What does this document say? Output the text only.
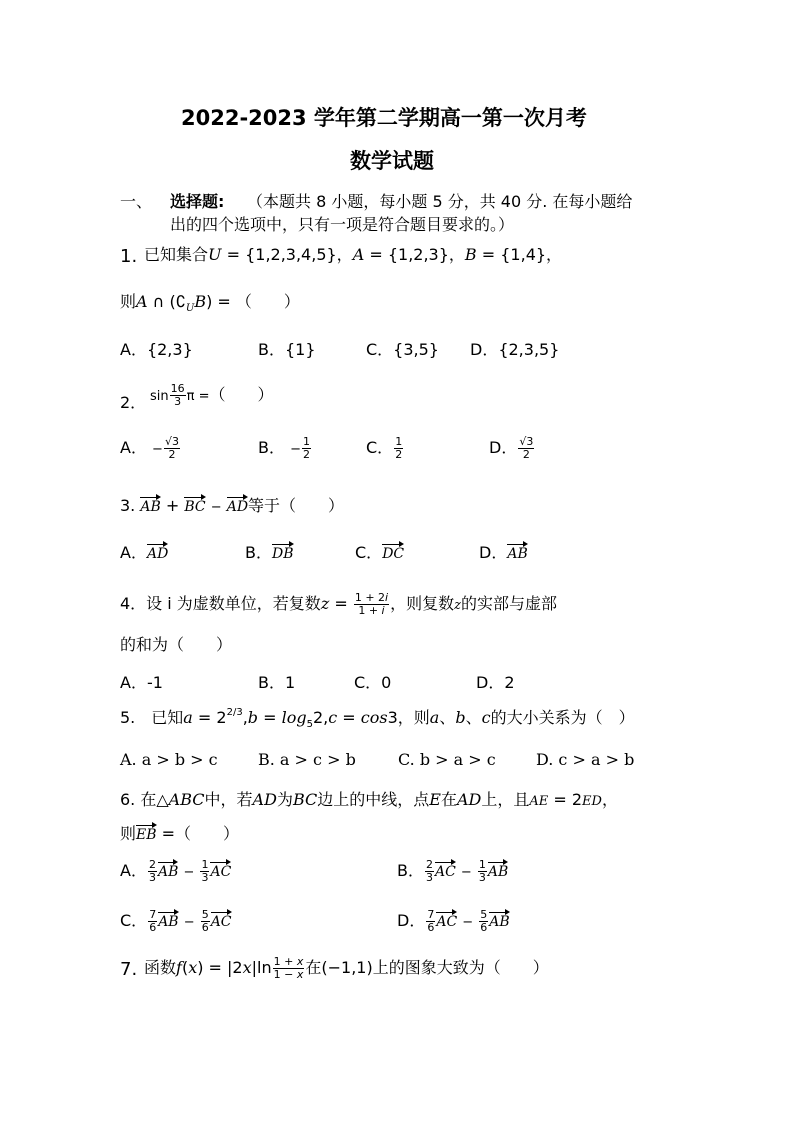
2022-2023 学年第二学期高一第一次月考
数学试题
一、 选择题: （本题共 8 小题，每小题 5 分，共 40 分. 在每小题给
出的四个选项中，只有一项是符合题目要求的。）
1. 已知集合U = {1,2,3,4,5}，A = {1,2,3}，B = {1,4}，
则A ∩ $(∁_UB)$ = （　　）
A．{2,3}	B．{1}	C．{3,5} D．{2,3,5}
2． $\sin \frac{16}{3}$ π =（　　）
A． − $\frac{√3}{2}$	B． − $\frac{1}{2}$	C． $\frac{1}{2}$	D． $\frac{√3}{2}$
3. AB + BC − AD等于（　　）
A．AD	B．DB	C．DC	D．AB
4．设 i 为虚数单位，若复数$z = \frac{1 + 2i}{1 + i}$ ，则复数z的实部与虚部
的和为（　　）
A．-1	B．1	C．0	D．2
5.　已知$a = 2^{2/3},b = \log_52,c = \cos 3$，则a、b、c的大小关系为（　）
A. a > b > c	B. a > c > b	C. b > a > c	D. c > a > b
6. 在△ABC中，若AD为BC边上的中线，点E在AD上，且AE = 2ED，
则EB =（　　）
A． $\frac{2}{3}$ AB − $\frac{1}{3}$ AC	B． $\frac{2}{3}$ AC − $\frac{1}{3}$ AB
C． $\frac{7}{6}$ AB − $\frac{5}{6}$ AC	D． $\frac{7}{6}$ AC − $\frac{5}{6}$ AB
7. 函数$f(x) = |2x|\ln \frac{1 + x}{1 - x}$ 在(−1,1)上的图象大致为（　　）
